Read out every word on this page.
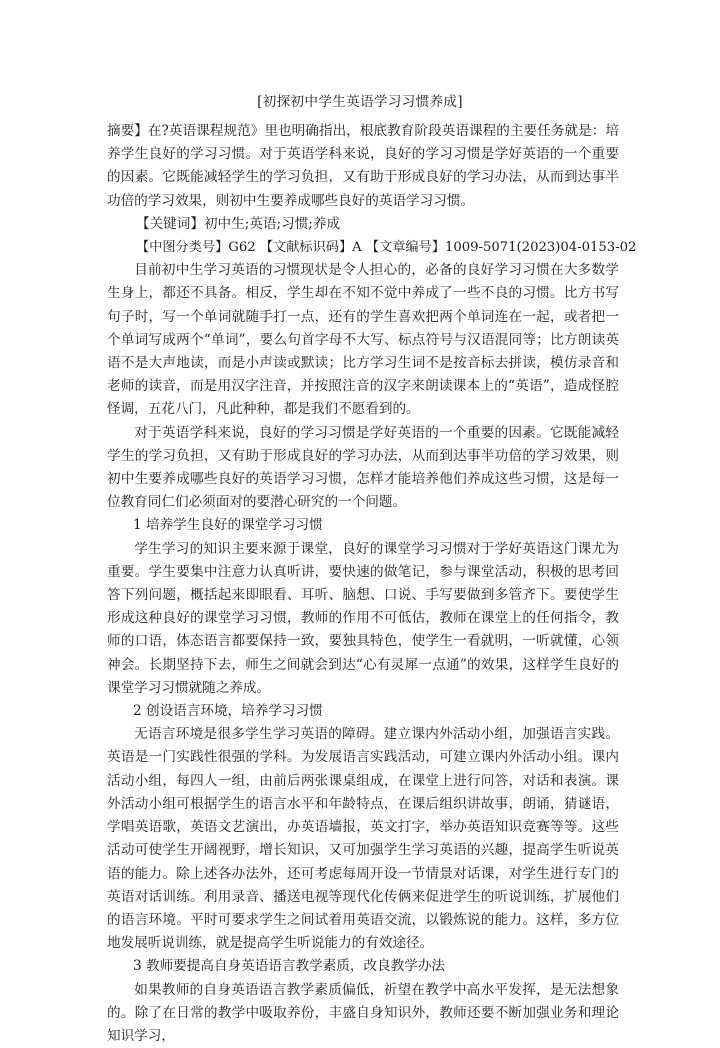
[初探初中学生英语学习习惯养成]

摘要】在?英语课程规范》里也明确指出，根底教育阶段英语课程的主要任务就是：培养学生良好的学习习惯。对于英语学科来说，良好的学习习惯是学好英语的一个重要的因素。它既能减轻学生的学习负担，又有助于形成良好的学习办法，从而到达事半功倍的学习效果，则初中生要养成哪些良好的英语学习习惯。

【关键词】初中生;英语;习惯;养成

【中图分类号】G62 【文献标识码】A 【文章编号】1009-5071(2023)04-0153-02

目前初中生学习英语的习惯现状是令人担心的，必备的良好学习习惯在大多数学生身上，都还不具备。相反，学生却在不知不觉中养成了一些不良的习惯。比方书写句子时，写一个单词就随手打一点，还有的学生喜欢把两个单词连在一起，或者把一个单词写成两个“单词”，要么句首字母不大写、标点符号与汉语混同等；比方朗读英语不是大声地读，而是小声读或默读；比方学习生词不是按音标去拼读，模仿录音和老师的读音，而是用汉字注音，并按照注音的汉字来朗读课本上的“英语”，造成怪腔怪调，五花八门，凡此种种，都是我们不愿看到的。

对于英语学科来说，良好的学习习惯是学好英语的一个重要的因素。它既能减轻学生的学习负担，又有助于形成良好的学习办法，从而到达事半功倍的学习效果，则初中生要养成哪些良好的英语学习习惯，怎样才能培养他们养成这些习惯，这是每一位教育同仁们必须面对的要潜心研究的一个问题。

1 培养学生良好的课堂学习习惯

学生学习的知识主要来源于课堂，良好的课堂学习习惯对于学好英语这门课尤为重要。学生要集中注意力认真听讲，要快速的做笔记，参与课堂活动，积极的思考回答下列问题，概括起来即眼看、耳听、脑想、口说、手写要做到多管齐下。要使学生形成这种良好的课堂学习习惯，教师的作用不可低估，教师在课堂上的任何指令，教师的口语，体态语言都要保持一致，要独具特色，使学生一看就明，一听就懂，心领神会。长期坚持下去，师生之间就会到达“心有灵犀一点通”的效果，这样学生良好的课堂学习习惯就随之养成。

2 创设语言环境，培养学习习惯

无语言环境是很多学生学习英语的障碍。建立课内外活动小组，加强语言实践。英语是一门实践性很强的学科。为发展语言实践活动，可建立课内外活动小组。课内活动小组，每四人一组，由前后两张课桌组成，在课堂上进行问答，对话和表演。课外活动小组可根据学生的语言水平和年龄特点，在课后组织讲故事，朗诵，猜谜语，学唱英语歌，英语文艺演出，办英语墙报，英文打字，举办英语知识竞赛等等。这些活动可使学生开阔视野，增长知识，又可加强学生学习英语的兴趣，提高学生听说英语的能力。除上述各办法外，还可考虑每周开设一节情景对话课，对学生进行专门的英语对话训练。利用录音、播送电视等现代化传俩来促进学生的听说训练，扩展他们的语言环境。平时可要求学生之间试着用英语交流，以锻炼说的能力。这样，多方位地发展听说训练，就是提高学生听说能力的有效途径。

3 教师要提高自身英语语言教学素质，改良教学办法

如果教师的自身英语语言教学素质偏低，祈望在教学中高水平发挥，是无法想象的。除了在日常的教学中吸取养份，丰盛自身知识外，教师还要不断加强业务和理论知识学习，
